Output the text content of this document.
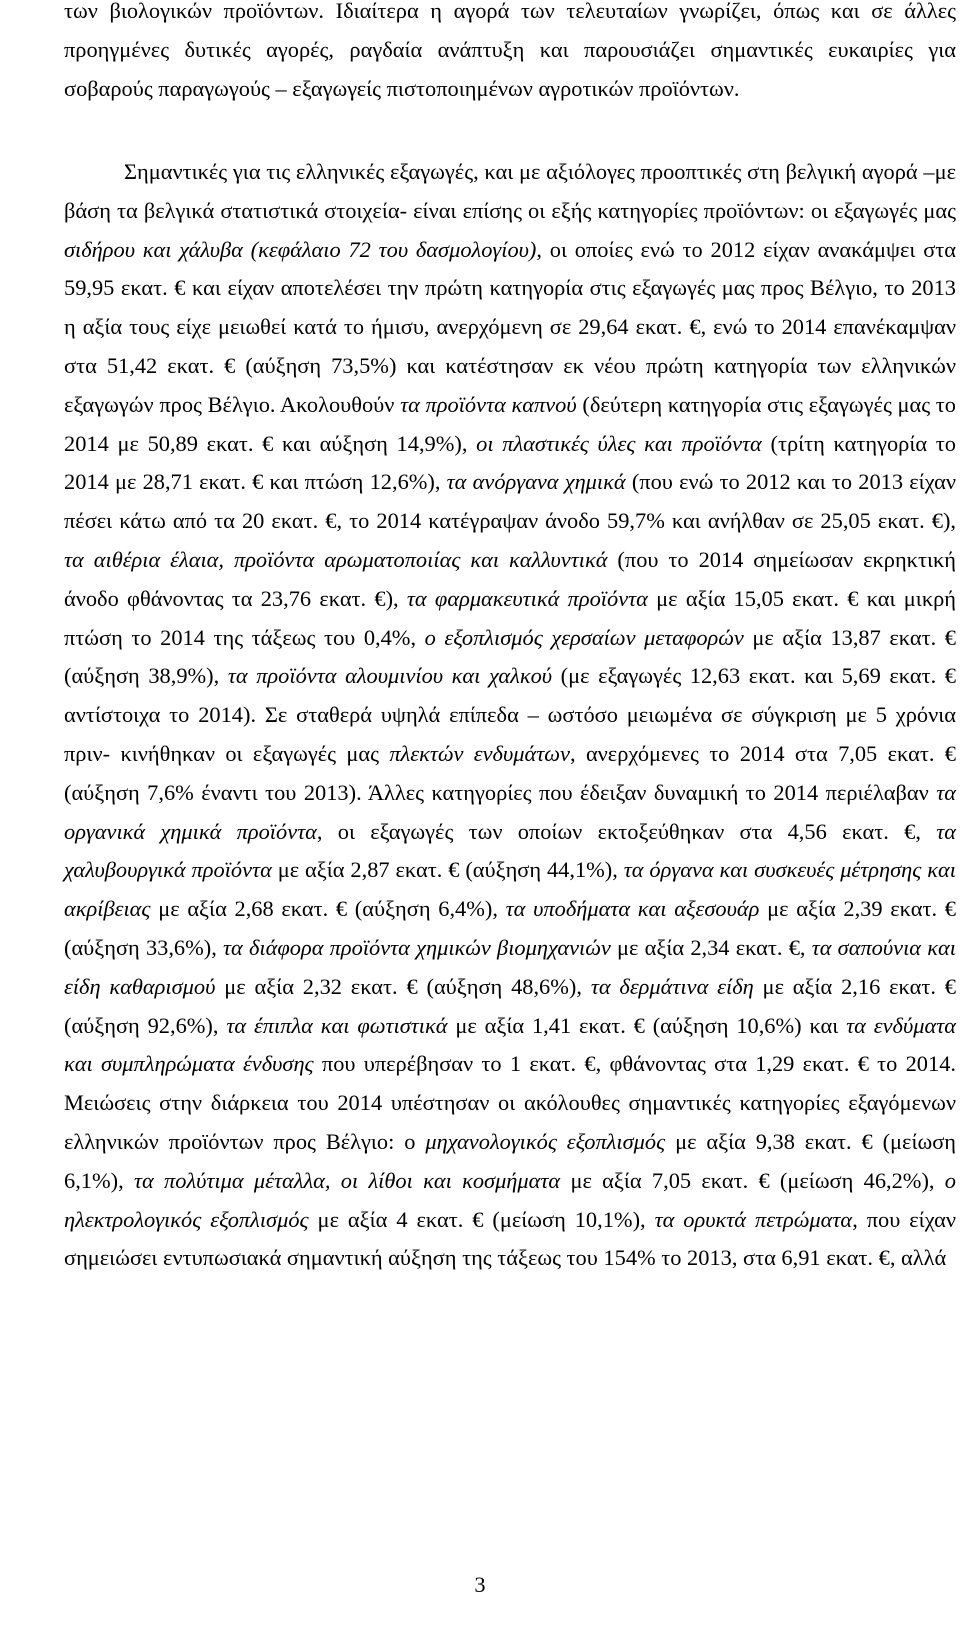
των βιολογικών προϊόντων. Ιδιαίτερα η αγορά των τελευταίων γνωρίζει, όπως και σε άλλες προηγμένες δυτικές αγορές, ραγδαία ανάπτυξη και παρουσιάζει σημαντικές ευκαιρίες για σοβαρούς παραγωγούς – εξαγωγείς πιστοποιημένων αγροτικών προϊόντων.

Σημαντικές για τις ελληνικές εξαγωγές, και με αξιόλογες προοπτικές στη βελγική αγορά –με βάση τα βελγικά στατιστικά στοιχεία- είναι επίσης οι εξής κατηγορίες προϊόντων: οι εξαγωγές μας σιδήρου και χάλυβα (κεφάλαιο 72 του δασμολογίου), οι οποίες ενώ το 2012 είχαν ανακάμψει στα 59,95 εκατ. € και είχαν αποτελέσει την πρώτη κατηγορία στις εξαγωγές μας προς Βέλγιο, το 2013 η αξία τους είχε μειωθεί κατά το ήμισυ, ανερχόμενη σε 29,64 εκατ. €, ενώ το 2014 επανέκαμψαν στα 51,42 εκατ. € (αύξηση 73,5%) και κατέστησαν εκ νέου πρώτη κατηγορία των ελληνικών εξαγωγών προς Βέλγιο. Ακολουθούν τα προϊόντα καπνού (δεύτερη κατηγορία στις εξαγωγές μας το 2014 με 50,89 εκατ. € και αύξηση 14,9%), οι πλαστικές ύλες και προϊόντα (τρίτη κατηγορία το 2014 με 28,71 εκατ. € και πτώση 12,6%), τα ανόργανα χημικά (που ενώ το 2012 και το 2013 είχαν πέσει κάτω από τα 20 εκατ. €, το 2014 κατέγραψαν άνοδο 59,7% και ανήλθαν σε 25,05 εκατ. €), τα αιθέρια έλαια, προϊόντα αρωματοποιίας και καλλυντικά (που το 2014 σημείωσαν εκρηκτική άνοδο φθάνοντας τα 23,76 εκατ. €), τα φαρμακευτικά προϊόντα με αξία 15,05 εκατ. € και μικρή πτώση το 2014 της τάξεως του 0,4%, ο εξοπλισμός χερσαίων μεταφορών με αξία 13,87 εκατ. € (αύξηση 38,9%), τα προϊόντα αλουμινίου και χαλκού (με εξαγωγές 12,63 εκατ. και 5,69 εκατ. € αντίστοιχα το 2014). Σε σταθερά υψηλά επίπεδα – ωστόσο μειωμένα σε σύγκριση με 5 χρόνια πριν- κινήθηκαν οι εξαγωγές μας πλεκτών ενδυμάτων, ανερχόμενες το 2014 στα 7,05 εκατ. € (αύξηση 7,6% έναντι του 2013). Άλλες κατηγορίες που έδειξαν δυναμική το 2014 περιέλαβαν τα οργανικά χημικά προϊόντα, οι εξαγωγές των οποίων εκτοξεύθηκαν στα 4,56 εκατ. €, τα χαλυβουργικά προϊόντα με αξία 2,87 εκατ. € (αύξηση 44,1%), τα όργανα και συσκευές μέτρησης και ακρίβειας με αξία 2,68 εκατ. € (αύξηση 6,4%), τα υποδήματα και αξεσουάρ με αξία 2,39 εκατ. € (αύξηση 33,6%), τα διάφορα προϊόντα χημικών βιομηχανιών με αξία 2,34 εκατ. €, τα σαπούνια και είδη καθαρισμού με αξία 2,32 εκατ. € (αύξηση 48,6%), τα δερμάτινα είδη με αξία 2,16 εκατ. € (αύξηση 92,6%), τα έπιπλα και φωτιστικά με αξία 1,41 εκατ. € (αύξηση 10,6%) και τα ενδύματα και συμπληρώματα ένδυσης που υπερέβησαν το 1 εκατ. €, φθάνοντας στα 1,29 εκατ. € το 2014. Μειώσεις στην διάρκεια του 2014 υπέστησαν οι ακόλουθες σημαντικές κατηγορίες εξαγόμενων ελληνικών προϊόντων προς Βέλγιο: ο μηχανολογικός εξοπλισμός με αξία 9,38 εκατ. € (μείωση 6,1%), τα πολύτιμα μέταλλα, οι λίθοι και κοσμήματα με αξία 7,05 εκατ. € (μείωση 46,2%), ο ηλεκτρολογικός εξοπλισμός με αξία 4 εκατ. € (μείωση 10,1%), τα ορυκτά πετρώματα, που είχαν σημειώσει εντυπωσιακά σημαντική αύξηση της τάξεως του 154% το 2013, στα 6,91 εκατ. €, αλλά

3
